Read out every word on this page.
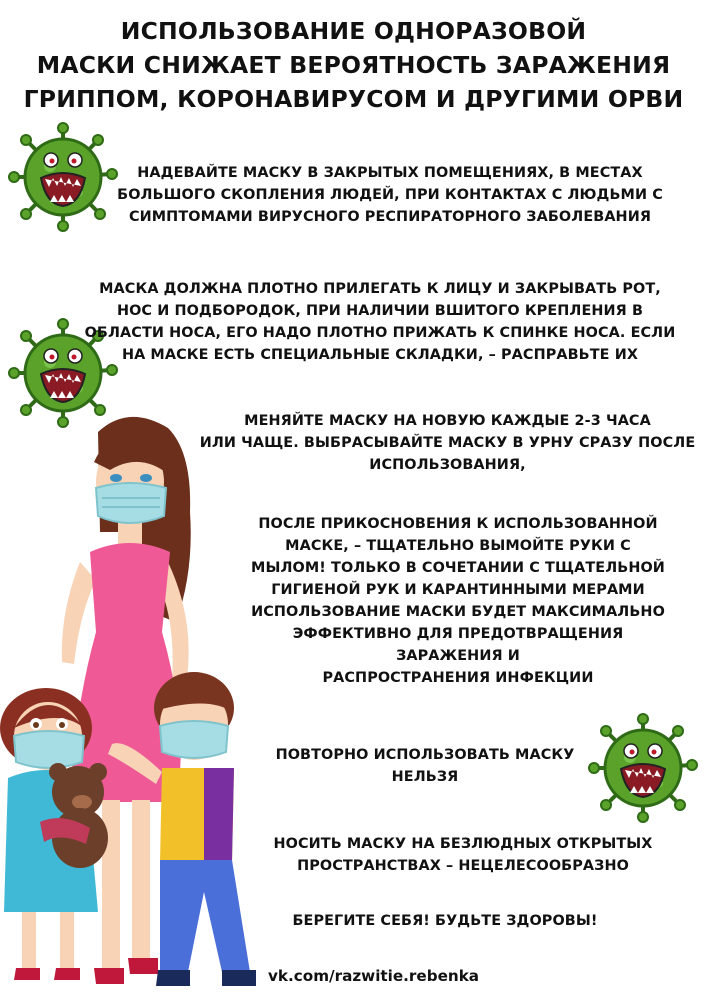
ИСПОЛЬЗОВАНИЕ ОДНОРАЗОВОЙ
МАСКИ СНИЖАЕТ ВЕРОЯТНОСТЬ ЗАРАЖЕНИЯ
ГРИППОМ, КОРОНАВИРУСОМ И ДРУГИМИ ОРВИ
НАДЕВАЙТЕ МАСКУ В ЗАКРЫТЫХ ПОМЕЩЕНИЯХ, В МЕСТАХ
БОЛЬШОГО СКОПЛЕНИЯ ЛЮДЕЙ, ПРИ КОНТАКТАХ С ЛЮДЬМИ С
СИМПТОМАМИ ВИРУСНОГО РЕСПИРАТОРНОГО ЗАБОЛЕВАНИЯ
МАСКА ДОЛЖНА ПЛОТНО ПРИЛЕГАТЬ К ЛИЦУ И ЗАКРЫВАТЬ РОТ,
НОС И ПОДБОРОДОК, ПРИ НАЛИЧИИ ВШИТОГО КРЕПЛЕНИЯ В
ОБЛАСТИ НОСА, ЕГО НАДО ПЛОТНО ПРИЖАТЬ К СПИНКЕ НОСА. ЕСЛИ
НА МАСКЕ ЕСТЬ СПЕЦИАЛЬНЫЕ СКЛАДКИ, – РАСПРАВЬТЕ ИХ
МЕНЯЙТЕ МАСКУ НА НОВУЮ КАЖДЫЕ 2-3 ЧАСА
ИЛИ ЧАЩЕ. ВЫБРАСЫВАЙТЕ МАСКУ В УРНУ СРАЗУ ПОСЛЕ
ИСПОЛЬЗОВАНИЯ,
ПОСЛЕ ПРИКОСНОВЕНИЯ К ИСПОЛЬЗОВАННОЙ
МАСКЕ, – ТЩАТЕЛЬНО ВЫМОЙТЕ РУКИ С
МЫЛОМ! ТОЛЬКО В СОЧЕТАНИИ С ТЩАТЕЛЬНОЙ
ГИГИЕНОЙ РУК И КАРАНТИННЫМИ МЕРАМИ
ИСПОЛЬЗОВАНИЕ МАСКИ БУДЕТ МАКСИМАЛЬНО
ЭФФЕКТИВНО ДЛЯ ПРЕДОТВРАЩЕНИЯ
ЗАРАЖЕНИЯ И
РАСПРОСТРАНЕНИЯ ИНФЕКЦИИ
ПОВТОРНО ИСПОЛЬЗОВАТЬ МАСКУ
НЕЛЬЗЯ
НОСИТЬ МАСКУ НА БЕЗЛЮДНЫХ ОТКРЫТЫХ
ПРОСТРАНСТВАХ – НЕЦЕЛЕСООБРАЗНО
БЕРЕГИТЕ СЕБЯ! БУДЬТЕ ЗДОРОВЫ!
vk.com/razwitie.rebenka
